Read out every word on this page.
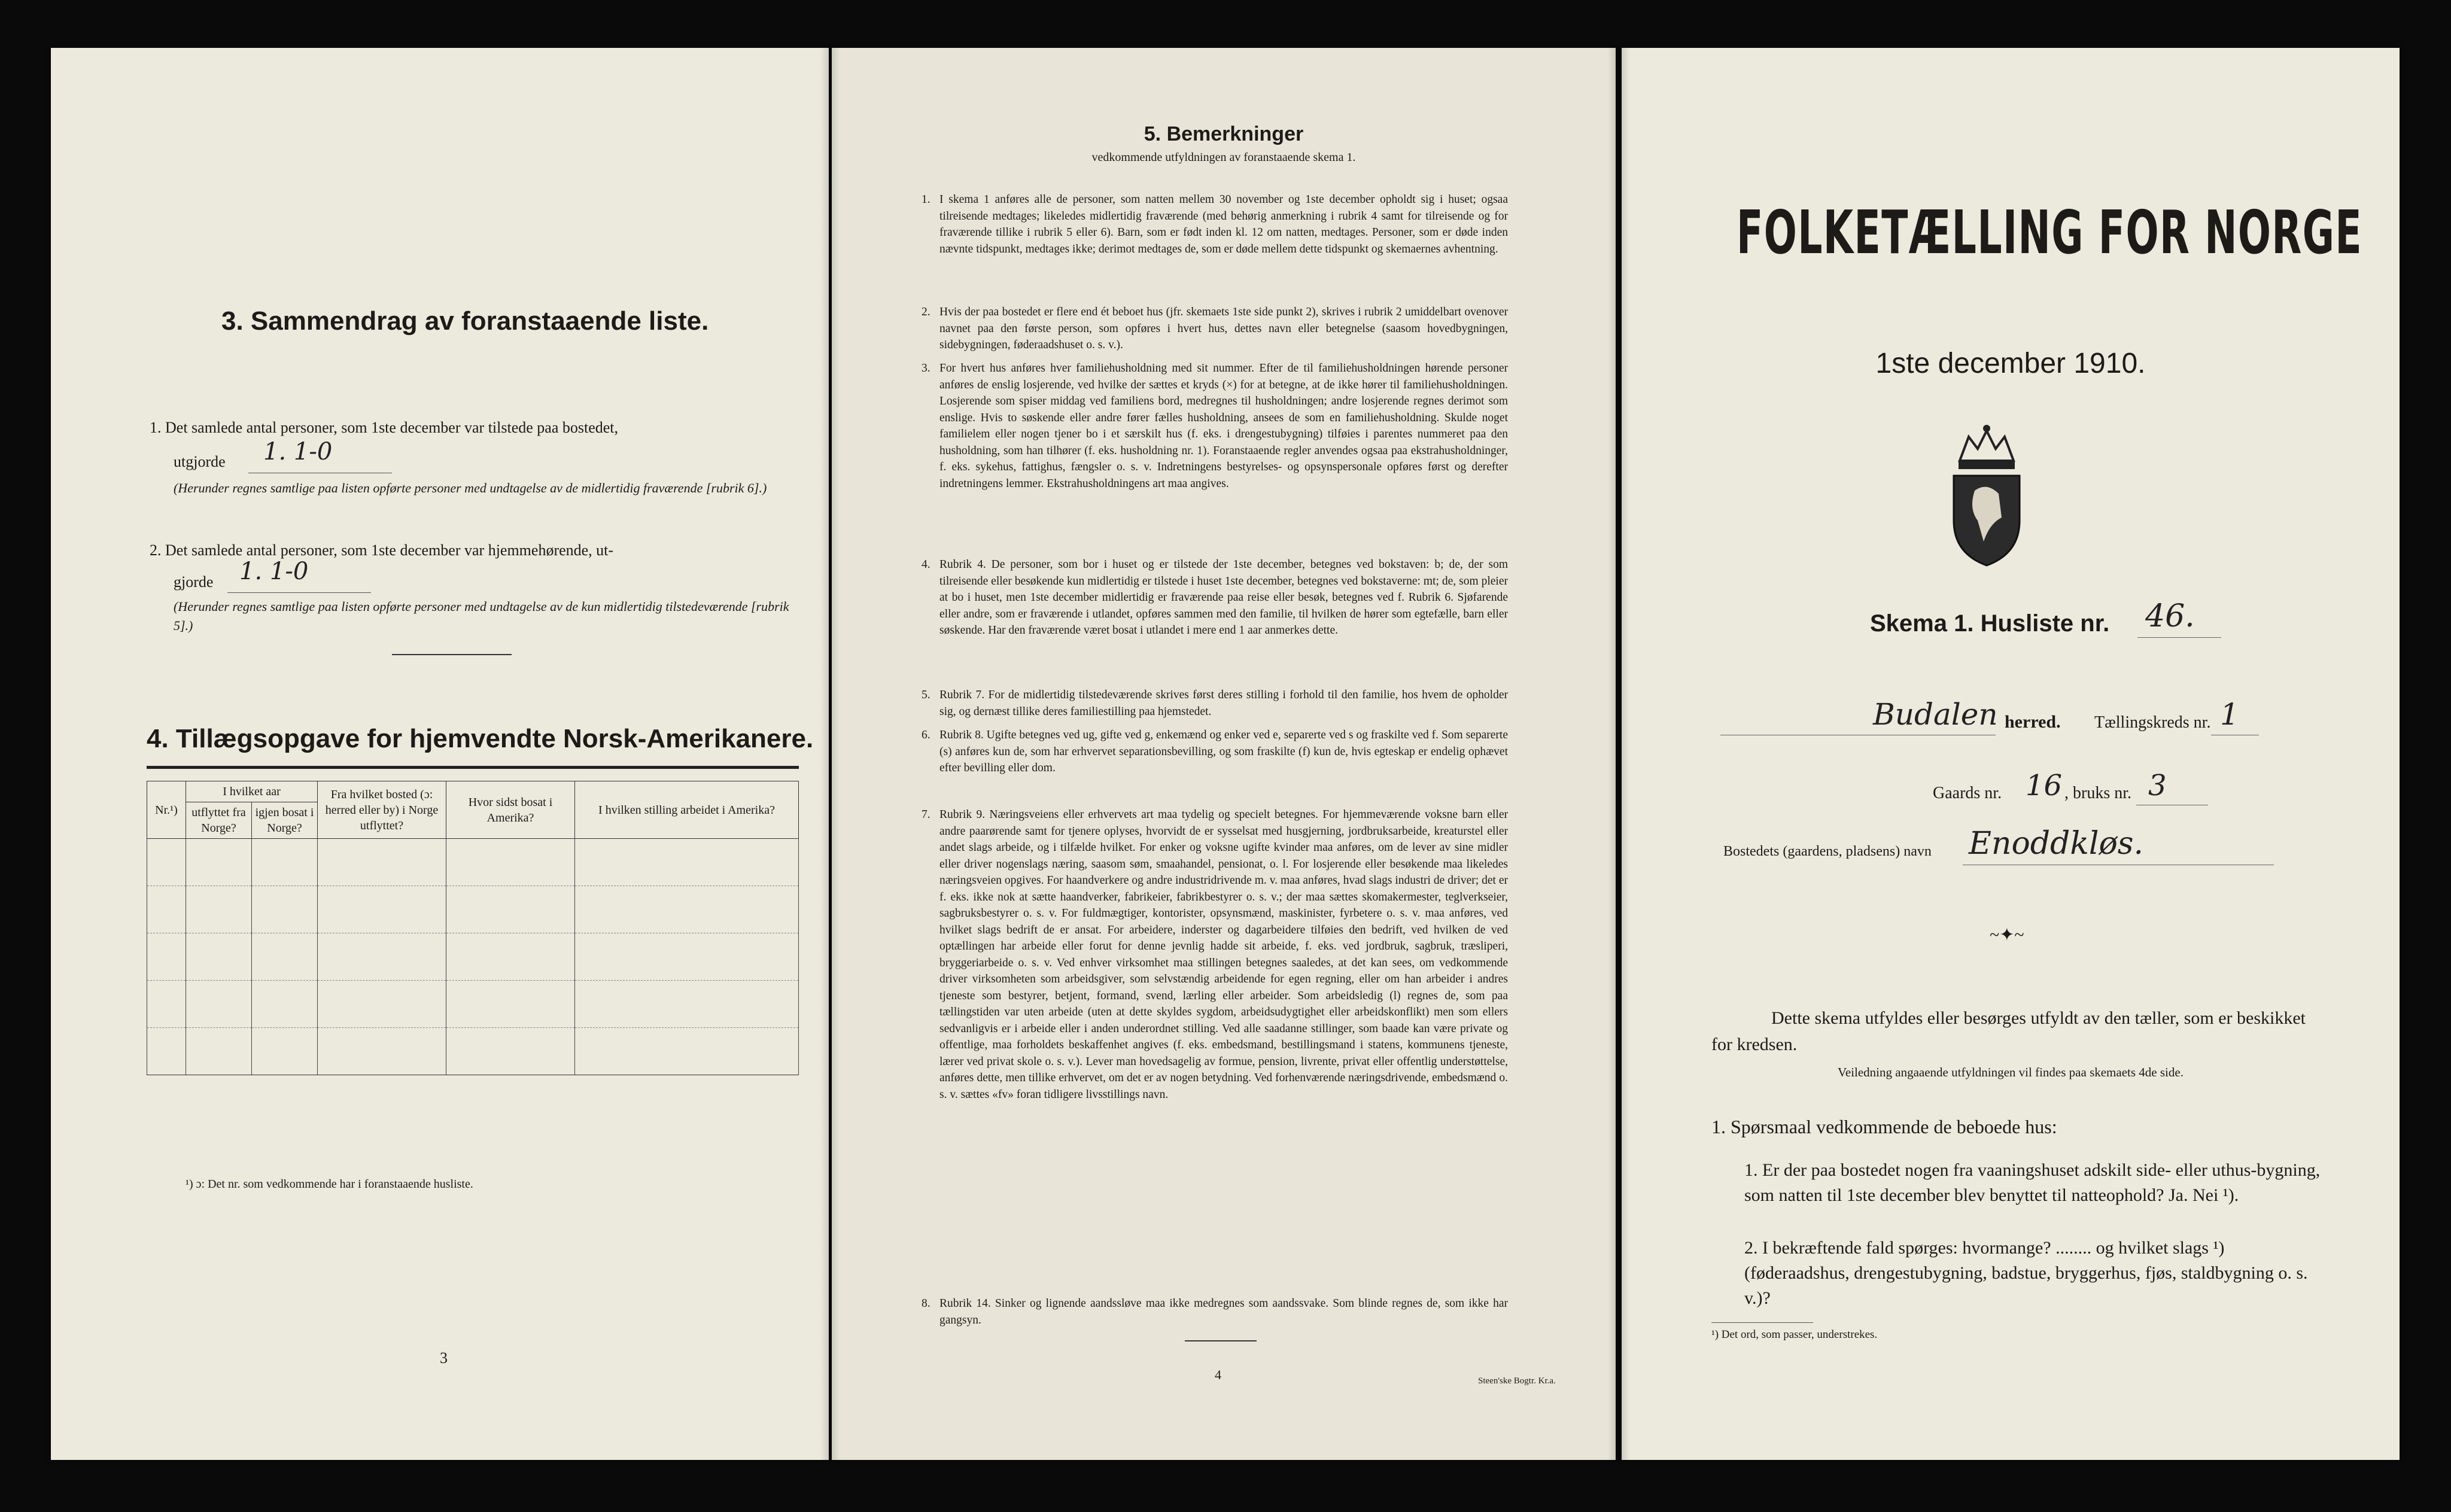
3. Sammendrag av foranstaaende liste.
1. Det samlede antal personer, som 1ste december var tilstede paa bostedet,
utgjorde 1. 1-0
(Herunder regnes samtlige paa listen opførte personer med undtagelse av de midlertidig fraværende [rubrik 6].)
2. Det samlede antal personer, som 1ste december var hjemmehørende, ut-
gjorde 1. 1-0
(Herunder regnes samtlige paa listen opførte personer med undtagelse av de kun midlertidig tilstedeværende [rubrik 5].)
4. Tillægsopgave for hjemvendte Norsk-Amerikanere.
Nr.¹)	I hvilket aar		Fra hvilket bosted (ɔ: herred eller by) i Norge utflyttet?	Hvor sidst bosat i Amerika?	I hvilken stilling arbeidet i Amerika?
	utflyttet fra Norge?	igjen bosat i Norge?			

¹) ɔ: Det nr. som vedkommende har i foranstaaende husliste.
3
5. Bemerkninger
vedkommende utfyldningen av foranstaaende skema 1.
1. I skema 1 anføres alle de personer, som natten mellem 30 november og 1ste december opholdt sig i huset; ogsaa tilreisende medtages; likeledes midlertidig fraværende (med behørig anmerkning i rubrik 4 samt for tilreisende og for fraværende tillike i rubrik 5 eller 6). Barn, som er født inden kl. 12 om natten, medtages. Personer, som er døde inden nævnte tidspunkt, medtages ikke; derimot medtages de, som er døde mellem dette tidspunkt og skemaernes avhentning.
2. Hvis der paa bostedet er flere end ét beboet hus (jfr. skemaets 1ste side punkt 2), skrives i rubrik 2 umiddelbart ovenover navnet paa den første person, som opføres i hvert hus, dettes navn eller betegnelse (saasom hovedbygningen, sidebygningen, føderaadshuset o. s. v.).
3. For hvert hus anføres hver familiehusholdning med sit nummer. Efter de til familiehusholdningen hørende personer anføres de enslig losjerende, ved hvilke der sættes et kryds (×) for at betegne, at de ikke hører til familiehusholdningen. Losjerende som spiser middag ved familiens bord, medregnes til husholdningen; andre losjerende regnes derimot som enslige. Hvis to søskende eller andre fører fælles husholdning, ansees de som en familiehusholdning. Skulde noget familielem eller nogen tjener bo i et særskilt hus (f. eks. i drengestubygning) tilføies i parentes nummeret paa den husholdning, som han tilhører (f. eks. husholdning nr. 1). Foranstaaende regler anvendes ogsaa paa ekstrahusholdninger, f. eks. sykehus, fattighus, fængsler o. s. v. Indretningens bestyrelses- og opsynspersonale opføres først og derefter indretningens lemmer. Ekstrahusholdningens art maa angives.
4. Rubrik 4. De personer, som bor i huset og er tilstede der 1ste december, betegnes ved bokstaven: b; de, der som tilreisende eller besøkende kun midlertidig er tilstede i huset 1ste december, betegnes ved bokstaverne: mt; de, som pleier at bo i huset, men 1ste december midlertidig er fraværende paa reise eller besøk, betegnes ved f. Rubrik 6. Sjøfarende eller andre, som er fraværende i utlandet, opføres sammen med den familie, til hvilken de hører som egtefælle, barn eller søskende. Har den fraværende været bosat i utlandet i mere end 1 aar anmerkes dette.
5. Rubrik 7. For de midlertidig tilstedeværende skrives først deres stilling i forhold til den familie, hos hvem de opholder sig, og dernæst tillike deres familiestilling paa hjemstedet.
6. Rubrik 8. Ugifte betegnes ved ug, gifte ved g, enkemænd og enker ved e, separerte ved s og fraskilte ved f. Som separerte (s) anføres kun de, som har erhvervet separationsbevilling, og som fraskilte (f) kun de, hvis egteskap er endelig ophævet efter bevilling eller dom.
7. Rubrik 9. Næringsveiens eller erhvervets art maa tydelig og specielt betegnes. For hjemmeværende voksne barn eller andre paarørende samt for tjenere oplyses, hvorvidt de er sysselsat med husgjerning, jordbruksarbeide, kreaturstel eller andet slags arbeide, og i tilfælde hvilket. For enker og voksne ugifte kvinder maa anføres, om de lever av sine midler eller driver nogenslags næring, saasom søm, smaahandel, pensionat, o. l. For losjerende eller besøkende maa likeledes næringsveien opgives. For haandverkere og andre industridrivende m. v. maa anføres, hvad slags industri de driver; det er f. eks. ikke nok at sætte haandverker, fabrikeier, fabrikbestyrer o. s. v.; der maa sættes skomakermester, teglverkseier, sagbruksbestyrer o. s. v. For fuldmægtiger, kontorister, opsynsmænd, maskinister, fyrbetere o. s. v. maa anføres, ved hvilket slags bedrift de er ansat. For arbeidere, inderster og dagarbeidere tilføies den bedrift, ved hvilken de ved optællingen har arbeide eller forut for denne jevnlig hadde sit arbeide, f. eks. ved jordbruk, sagbruk, træsliperi, bryggeriarbeide o. s. v. Ved enhver virksomhet maa stillingen betegnes saaledes, at det kan sees, om vedkommende driver virksomheten som arbeidsgiver, som selvstændig arbeidende for egen regning, eller om han arbeider i andres tjeneste som bestyrer, betjent, formand, svend, lærling eller arbeider. Som arbeidsledig (l) regnes de, som paa tællingstiden var uten arbeide (uten at dette skyldes sygdom, arbeidsudygtighet eller arbeidskonflikt) men som ellers sedvanligvis er i arbeide eller i anden underordnet stilling. Ved alle saadanne stillinger, som baade kan være private og offentlige, maa forholdets beskaffenhet angives (f. eks. embedsmand, bestillingsmand i statens, kommunens tjeneste, lærer ved privat skole o. s. v.). Lever man hovedsagelig av formue, pension, livrente, privat eller offentlig understøttelse, anføres dette, men tillike erhvervet, om det er av nogen betydning. Ved forhenværende næringsdrivende, embedsmænd o. s. v. sættes «fv» foran tidligere livsstillings navn.
8. Rubrik 14. Sinker og lignende aandssløve maa ikke medregnes som aandssvake. Som blinde regnes de, som ikke har gangsyn.
4	Steen'ske Bogtr. Kr.a.
FOLKETÆLLING FOR NORGE
1ste december 1910.
Skema 1. Husliste nr. 46.
Budalen herred. Tællingskreds nr. 1
Gaards nr. 16 , bruks nr. 3
Bostedets (gaardens, pladsens) navn Enoddkløs.
~✦~
Dette skema utfyldes eller besørges utfyldt av den tæller, som er beskikket for kredsen.
Veiledning angaaende utfyldningen vil findes paa skemaets 4de side.
1. Spørsmaal vedkommende de beboede hus:
1. Er der paa bostedet nogen fra vaaningshuset adskilt side- eller uthus-bygning, som natten til 1ste december blev benyttet til natteophold? Ja. Nei ¹).
2. I bekræftende fald spørges: hvormange? ........ og hvilket slags ¹) (føderaadshus, drengestubygning, badstue, bryggerhus, fjøs, staldbygning o. s. v.)?
¹) Det ord, som passer, understrekes.
